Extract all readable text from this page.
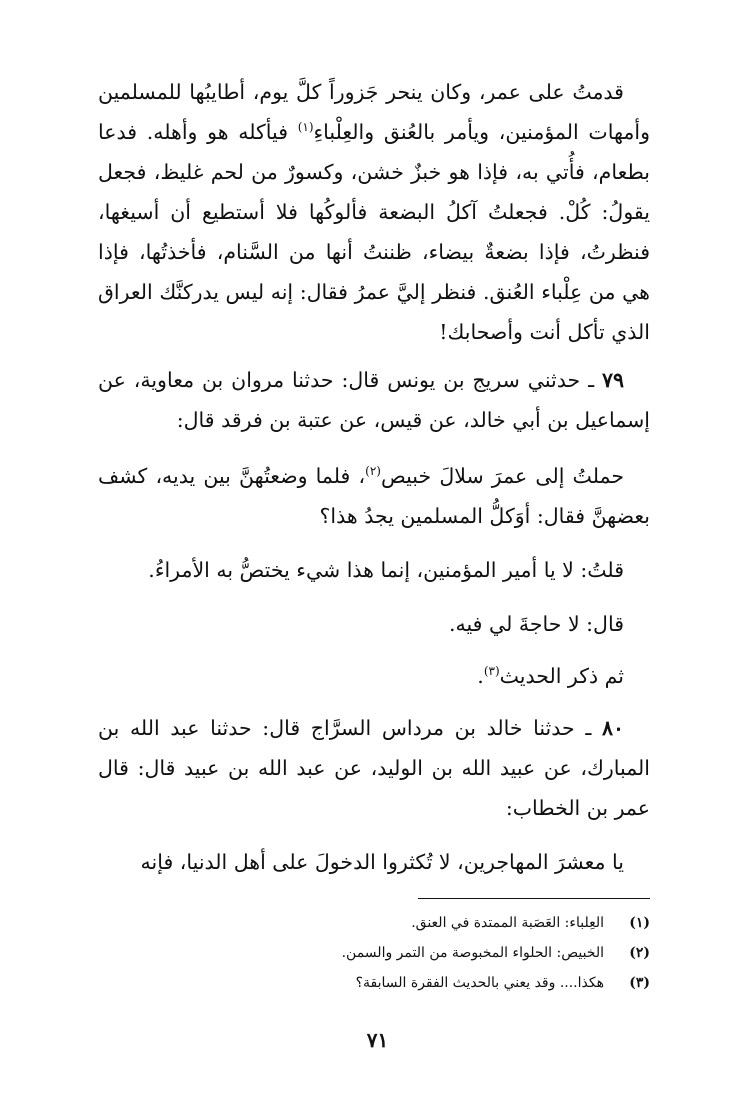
قدمتُ على عمر، وكان ينحر جَزوراً كلَّ يوم، أطايبُها للمسلمين وأمهات المؤمنين، ويأمر بالعُنق والعِلْباءِ$^{(١)}$ فيأكله هو وأهله. فدعا بطعام، فأُتي به، فإذا هو خبزٌ خشن، وكسورٌ من لحم غليظ، فجعل يقولُ: كُلْ. فجعلتُ آكلُ البضعة فألوكُها فلا أستطيع أن أسيغها، فنظرتُ، فإذا بضعةٌ بيضاء، ظننتُ أنها من السَّنام، فأخذتُها، فإذا هي من عِلْباء العُنق. فنظر إليَّ عمرُ فقال: إنه ليس يدركنَّك العراق الذي تأكل أنت وأصحابك!

٧٩ ـ حدثني سريج بن يونس قال: حدثنا مروان بن معاوية، عن إسماعيل بن أبي خالد، عن قيس، عن عتبة بن فرقد قال:

حملتُ إلى عمرَ سلالَ خبيص$^{(٢)}$، فلما وضعتُهنَّ بين يديه، كشف بعضهنَّ فقال: أوَكلُّ المسلمين يجدُ هذا؟

قلتُ: لا يا أمير المؤمنين، إنما هذا شيء يختصُّ به الأمراءُ.

قال: لا حاجةَ لي فيه.

ثم ذكر الحديث$^{(٣)}$.

٨٠ ـ حدثنا خالد بن مرداس السرَّاج قال: حدثنا عبد الله بن المبارك، عن عبيد الله بن الوليد، عن عبد الله بن عبيد قال: قال عمر بن الخطاب:

يا معشرَ المهاجرين، لا تُكثروا الدخولَ على أهل الدنيا، فإنه

(١)
العِلباء: العَصَبة الممتدة في العنق.
(٢)
الخبيص: الحلواء المخبوصة من التمر والسمن.
(٣)
هكذا.... وقد يعني بالحديث الفقرة السابقة؟
٧١
